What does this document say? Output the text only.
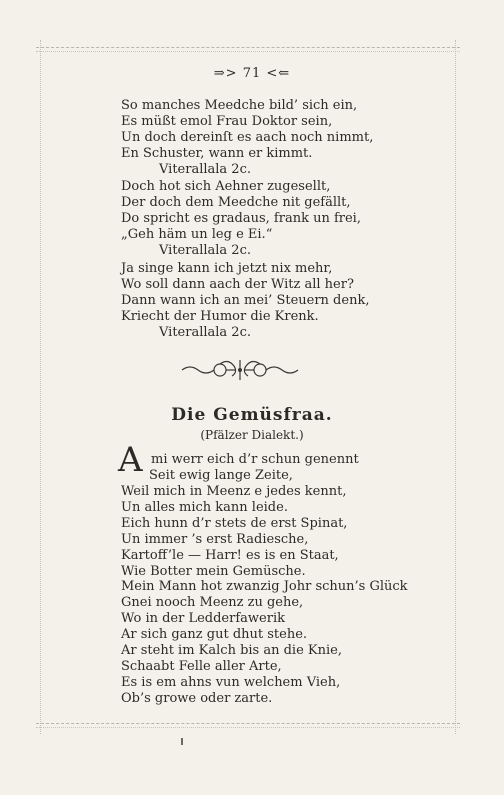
⇒> 71 <⇐
So manches Meedche bild’ sich ein,
Es müßt emol Frau Doktor sein,
Un doch dereinſt es aach noch nimmt,
En Schuster, wann er kimmt.
Viterallala 2c.
Doch hot sich Aehner zugesellt,
Der doch dem Meedche nit gefällt,
Do spricht es gradaus, frank un frei,
„Geh häm un leg e Ei.“
Viterallala 2c.
Ja singe kann ich jetzt nix mehr,
Wo soll dann aach der Witz all her?
Dann wann ich an mei’ Steuern denk,
Kriecht der Humor die Krenk.
Viterallala 2c.
Die Gemüsfraa.
(Pfälzer Dialekt.)
A mi werr eich d’r schun genennt
Seit ewig lange Zeite,
Weil mich in Meenz e jedes kennt,
Un alles mich kann leide.
Eich hunn d’r stets de erst Spinat,
Un immer ’s erst Radiesche,
Kartoff’le — Harr! es is en Staat,
Wie Botter mein Gemüsche.
Mein Mann hot zwanzig Johr schun’s Glück
Gnei nooch Meenz zu gehe,
Wo in der Ledderfawerik
Ar sich ganz gut dhut stehe.
Ar steht im Kalch bis an die Knie,
Schaabt Felle aller Arte,
Es is em ahns vun welchem Vieh,
Ob’s growe oder zarte.
